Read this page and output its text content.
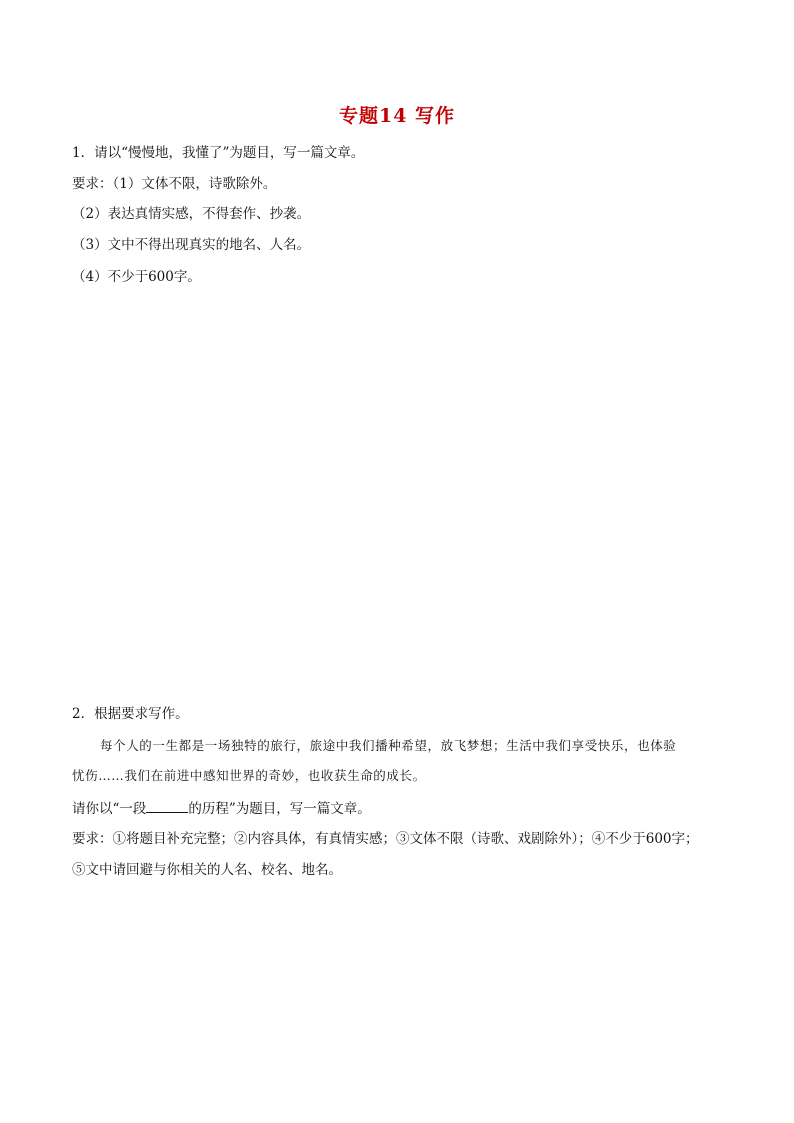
专题14 写作
1．请以“慢慢地，我懂了”为题目，写一篇文章。
要求：（1）文体不限，诗歌除外。
（2）表达真情实感，不得套作、抄袭。
（3）文中不得出现真实的地名、人名。
（4）不少于600字。
2．根据要求写作。
每个人的一生都是一场独特的旅行，旅途中我们播种希望，放飞梦想；生活中我们享受快乐，也体验
忧伤……我们在前进中感知世界的奇妙，也收获生命的成长。
请你以“一段	的历程”为题目，写一篇文章。
要求：①将题目补充完整；②内容具体，有真情实感；③文体不限（诗歌、戏剧除外）；④不少于600字；
⑤文中请回避与你相关的人名、校名、地名。
